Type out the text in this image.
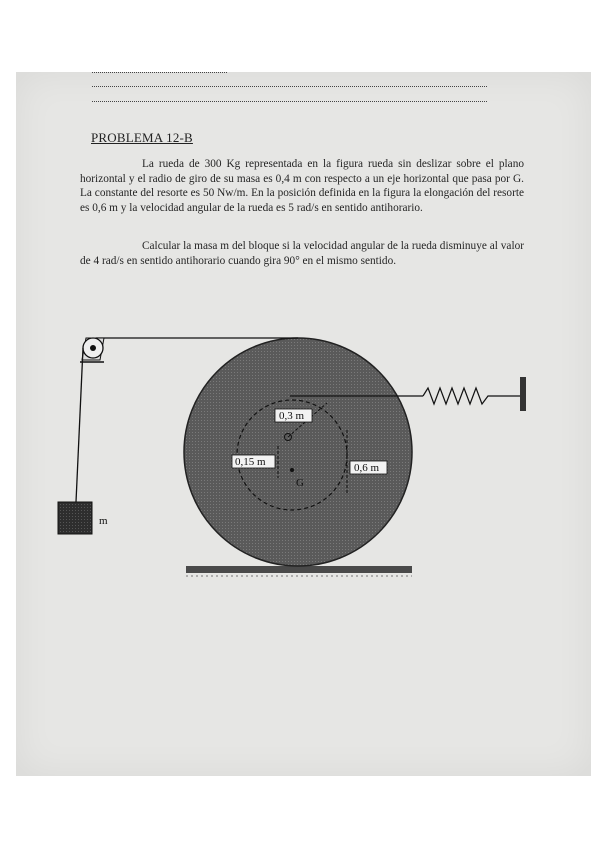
PROBLEMA 12-B

La rueda de 300 Kg representada en la figura rueda sin deslizar sobre el plano horizontal y el radio de giro de su masa es 0,4 m con respecto a un eje horizontal que pasa por G. La constante del resorte es 50 Nw/m. En la posición definida en la figura la elongación del resorte es 0,6 m y la velocidad angular de la rueda es 5 rad/s en sentido antihorario.

Calcular la masa m del bloque si la velocidad angular de la rueda disminuye al valor de 4 rad/s en sentido antihorario cuando gira 90° en el mismo sentido.

m
G
0,3 m
0,15 m	0,6 m
